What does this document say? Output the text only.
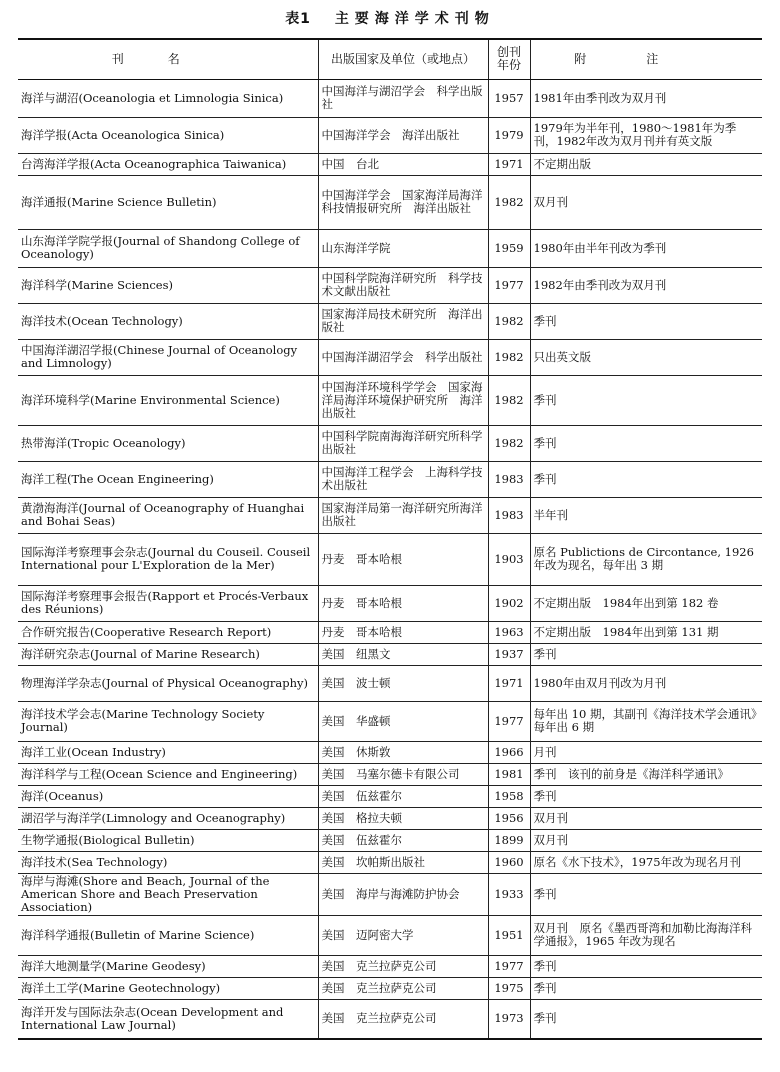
表1 主要海洋学术刊物
刊名	出版国家及单位（或地点）	创刊年份	附注
海洋与湖沼(Oceanologia et Limnologia Sinica)	中国海洋与湖沼学会　科学出版社	1957	1981年由季刊改为双月刊
海洋学报(Acta Oceanologica Sinica)	中国海洋学会　海洋出版社	1979	1979年为半年刊，1980～1981年为季刊，1982年改为双月刊并有英文版
台湾海洋学报(Acta Oceanographica Taiwanica)	中国　台北	1971	不定期出版
海洋通报(Marine Science Bulletin)	中国海洋学会　国家海洋局海洋科技情报研究所　海洋出版社	1982	双月刊
山东海洋学院学报(Journal of Shandong College of Oceanology)	山东海洋学院	1959	1980年由半年刊改为季刊
海洋科学(Marine Sciences)	中国科学院海洋研究所　科学技术文献出版社	1977	1982年由季刊改为双月刊
海洋技术(Ocean Technology)	国家海洋局技术研究所　海洋出版社	1982	季刊
中国海洋湖沼学报(Chinese Journal of Oceanology and Limnology)	中国海洋湖沼学会　科学出版社	1982	只出英文版
海洋环境科学(Marine Environmental Science)	中国海洋环境科学学会　国家海洋局海洋环境保护研究所　海洋出版社	1982	季刊
热带海洋(Tropic Oceanology)	中国科学院南海海洋研究所科学出版社	1982	季刊
海洋工程(The Ocean Engineering)	中国海洋工程学会　上海科学技术出版社	1983	季刊
黄渤海海洋(Journal of Oceanography of Huanghai and Bohai Seas)	国家海洋局第一海洋研究所海洋出版社	1983	半年刊
国际海洋考察理事会杂志(Journal du Couseil. Couseil International pour L'Exploration de la Mer)	丹麦　哥本哈根	1903	原名 Publictions de Circontance, 1926年改为现名，每年出 3 期
国际海洋考察理事会报告(Rapport et Procés-Verbaux des Réunions)	丹麦　哥本哈根	1902	不定期出版　1984年出到第 182 卷
合作研究报告(Cooperative Research Report)	丹麦　哥本哈根	1963	不定期出版　1984年出到第 131 期
海洋研究杂志(Journal of Marine Research)	美国　纽黑文	1937	季刊
物理海洋学杂志(Journal of Physical Oceanography)	美国　波士顿	1971	1980年由双月刊改为月刊
海洋技术学会志(Marine Technology Society Journal)	美国　华盛顿	1977	每年出 10 期，其副刊《海洋技术学会通讯》每年出 6 期
海洋工业(Ocean Industry)	美国　休斯敦	1966	月刊
海洋科学与工程(Ocean Science and Engineering)	美国　马塞尔德卡有限公司	1981	季刊　该刊的前身是《海洋科学通讯》
海洋(Oceanus)	美国　伍兹霍尔	1958	季刊
湖沼学与海洋学(Limnology and Oceanography)	美国　格拉夫顿	1956	双月刊
生物学通报(Biological Bulletin)	美国　伍兹霍尔	1899	双月刊
海洋技术(Sea Technology)	美国　坎帕斯出版社	1960	原名《水下技术》，1975年改为现名月刊
海岸与海滩(Shore and Beach, Journal of the American Shore and Beach Preservation Association)	美国　海岸与海滩防护协会	1933	季刊
海洋科学通报(Bulletin of Marine Science)	美国　迈阿密大学	1951	双月刊　原名《墨西哥湾和加勒比海海洋科学通报》，1965 年改为现名
海洋大地测量学(Marine Geodesy)	美国　克兰拉萨克公司	1977	季刊
海洋土工学(Marine Geotechnology)	美国　克兰拉萨克公司	1975	季刊
海洋开发与国际法杂志(Ocean Development and International Law Journal)	美国　克兰拉萨克公司	1973	季刊
